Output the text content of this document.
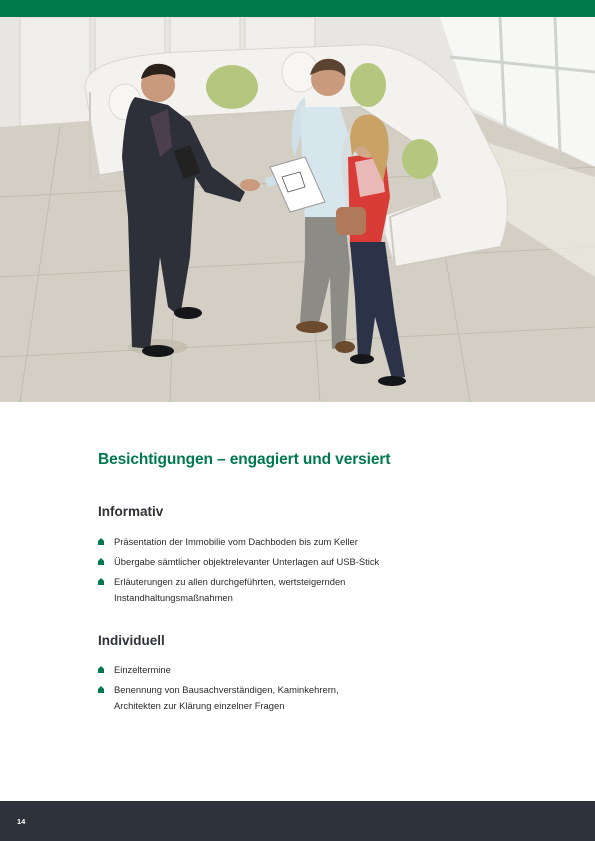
Besichtigungen – engagiert und versiert
Informativ
Präsentation der Immobilie vom Dachboden bis zum Keller
Übergabe sämtlicher objektrelevanter Unterlagen auf USB-Stick
Erläuterungen zu allen durchgeführten, wertsteigernden
Instandhaltungsmaßnahmen
Individuell
Einzeltermine
Benennung von Bausachverständigen, Kaminkehrern,
Architekten zur Klärung einzelner Fragen
14
